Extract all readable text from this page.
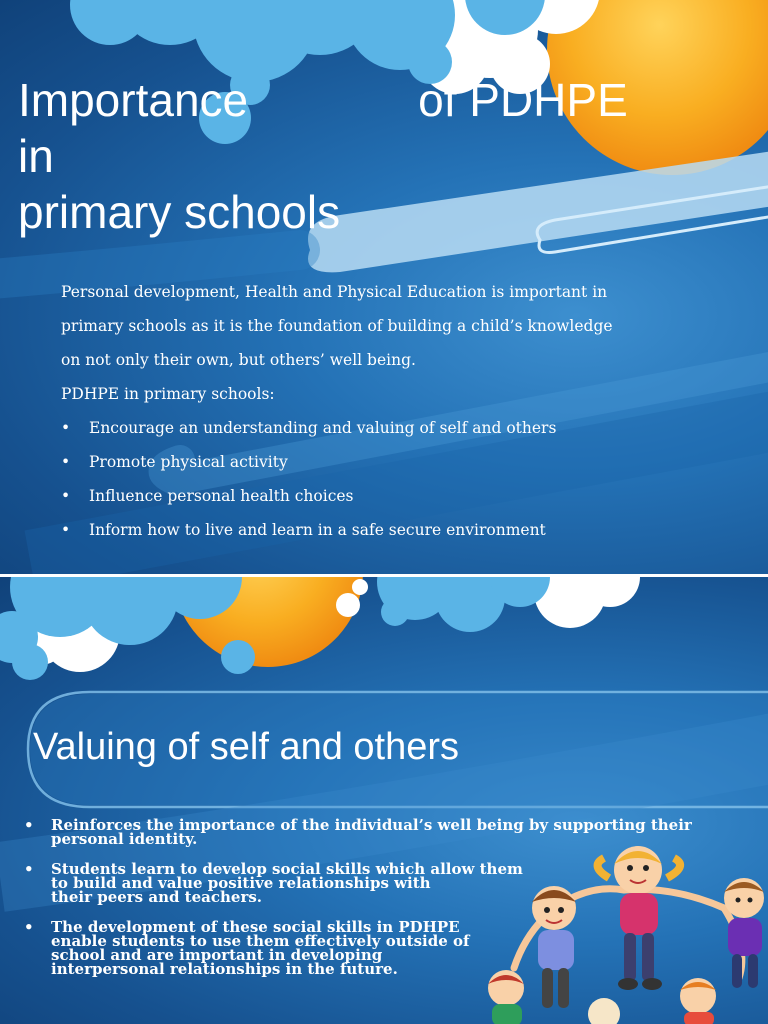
Importance	of PDHPE
in
primary schools

Personal development, Health and Physical Education is important in

primary schools as it is the foundation of building a child’s knowledge

on not only their own, but others’ well being.

PDHPE in primary schools:

• Encourage an understanding and valuing of self and others
• Promote physical activity
• Influence personal health choices
• Inform how to live and learn in a safe secure environment
Valuing of self and others
• Reinforces the importance of the individual’s well being by supporting their
personal identity.
• Students learn to develop social skills which allow them
to build and value positive relationships with
their peers and teachers.
• The development of these social skills in PDHPE
enable students to use them effectively outside of
school and are important in developing
interpersonal relationships in the future.
